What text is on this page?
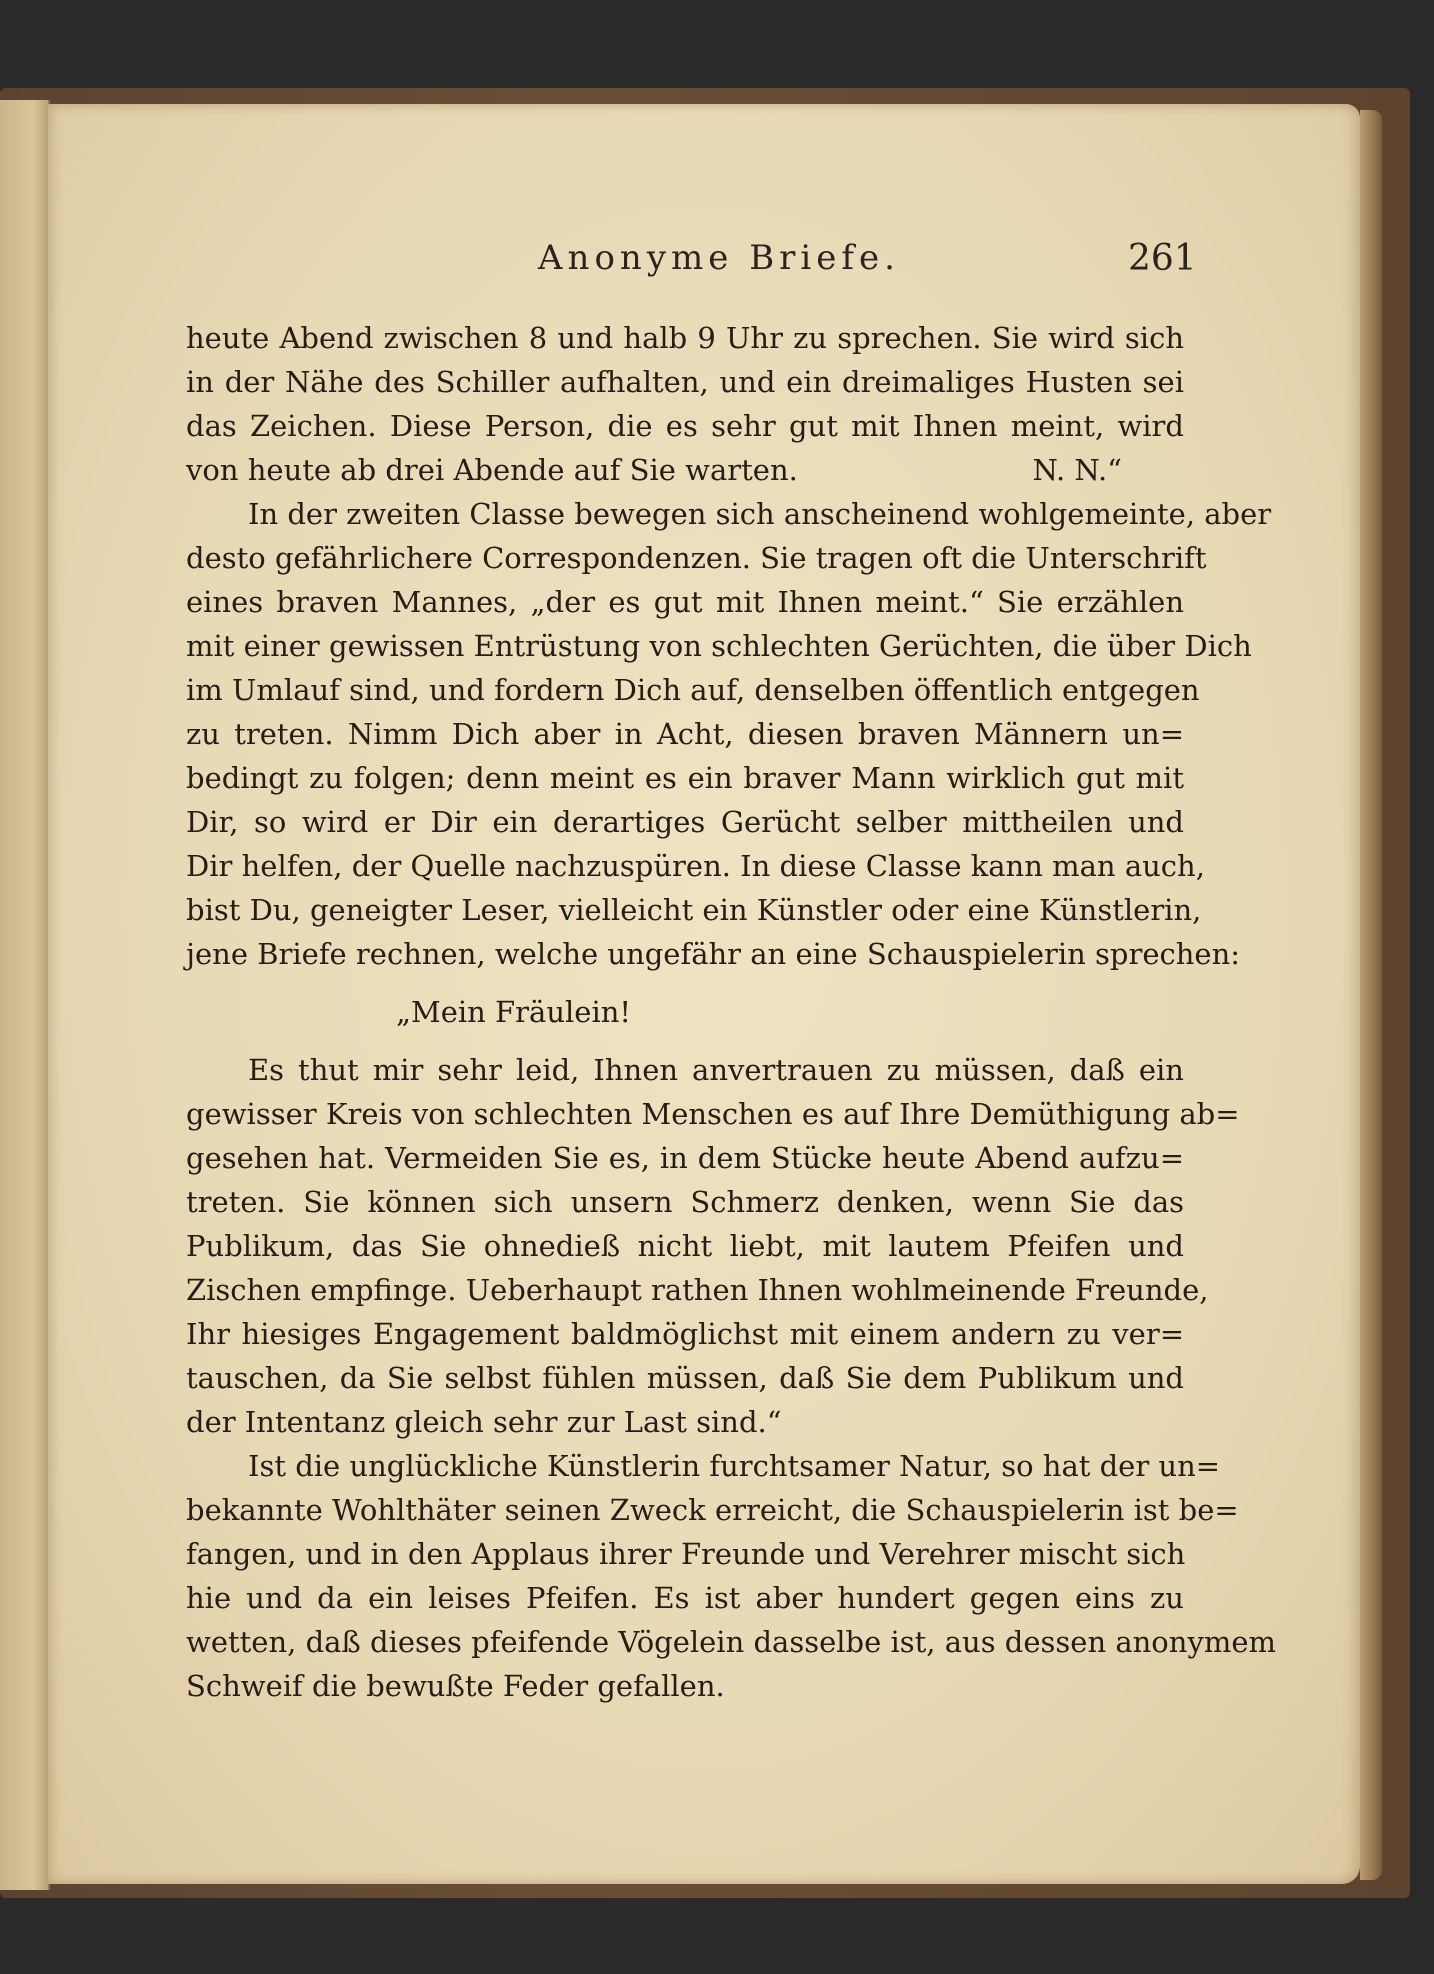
Anonyme Briefe.	261
heute Abend zwischen 8 und halb 9 Uhr zu sprechen. Sie wird sich
in der Nähe des Schiller aufhalten, und ein dreimaliges Husten sei
das Zeichen. Diese Person, die es sehr gut mit Ihnen meint, wird
von heute ab drei Abende auf Sie warten.	N. N.“
In der zweiten Classe bewegen sich anscheinend wohlgemeinte, aber
desto gefährlichere Correspondenzen. Sie tragen oft die Unterschrift
eines braven Mannes, „der es gut mit Ihnen meint.“ Sie erzählen
mit einer gewissen Entrüstung von schlechten Gerüchten, die über Dich
im Umlauf sind, und fordern Dich auf, denselben öffentlich entgegen
zu treten. Nimm Dich aber in Acht, diesen braven Männern un=
bedingt zu folgen; denn meint es ein braver Mann wirklich gut mit
Dir, so wird er Dir ein derartiges Gerücht selber mittheilen und
Dir helfen, der Quelle nachzuspüren. In diese Classe kann man auch,
bist Du, geneigter Leser, vielleicht ein Künstler oder eine Künstlerin,
jene Briefe rechnen, welche ungefähr an eine Schauspielerin sprechen:
„Mein Fräulein!
Es thut mir sehr leid, Ihnen anvertrauen zu müssen, daß ein
gewisser Kreis von schlechten Menschen es auf Ihre Demüthigung ab=
gesehen hat. Vermeiden Sie es, in dem Stücke heute Abend aufzu=
treten. Sie können sich unsern Schmerz denken, wenn Sie das
Publikum, das Sie ohnedieß nicht liebt, mit lautem Pfeifen und
Zischen empfinge. Ueberhaupt rathen Ihnen wohlmeinende Freunde,
Ihr hiesiges Engagement baldmöglichst mit einem andern zu ver=
tauschen, da Sie selbst fühlen müssen, daß Sie dem Publikum und
der Intentanz gleich sehr zur Last sind.“
Ist die unglückliche Künstlerin furchtsamer Natur, so hat der un=
bekannte Wohlthäter seinen Zweck erreicht, die Schauspielerin ist be=
fangen, und in den Applaus ihrer Freunde und Verehrer mischt sich
hie und da ein leises Pfeifen. Es ist aber hundert gegen eins zu
wetten, daß dieses pfeifende Vögelein dasselbe ist, aus dessen anonymem
Schweif die bewußte Feder gefallen.
